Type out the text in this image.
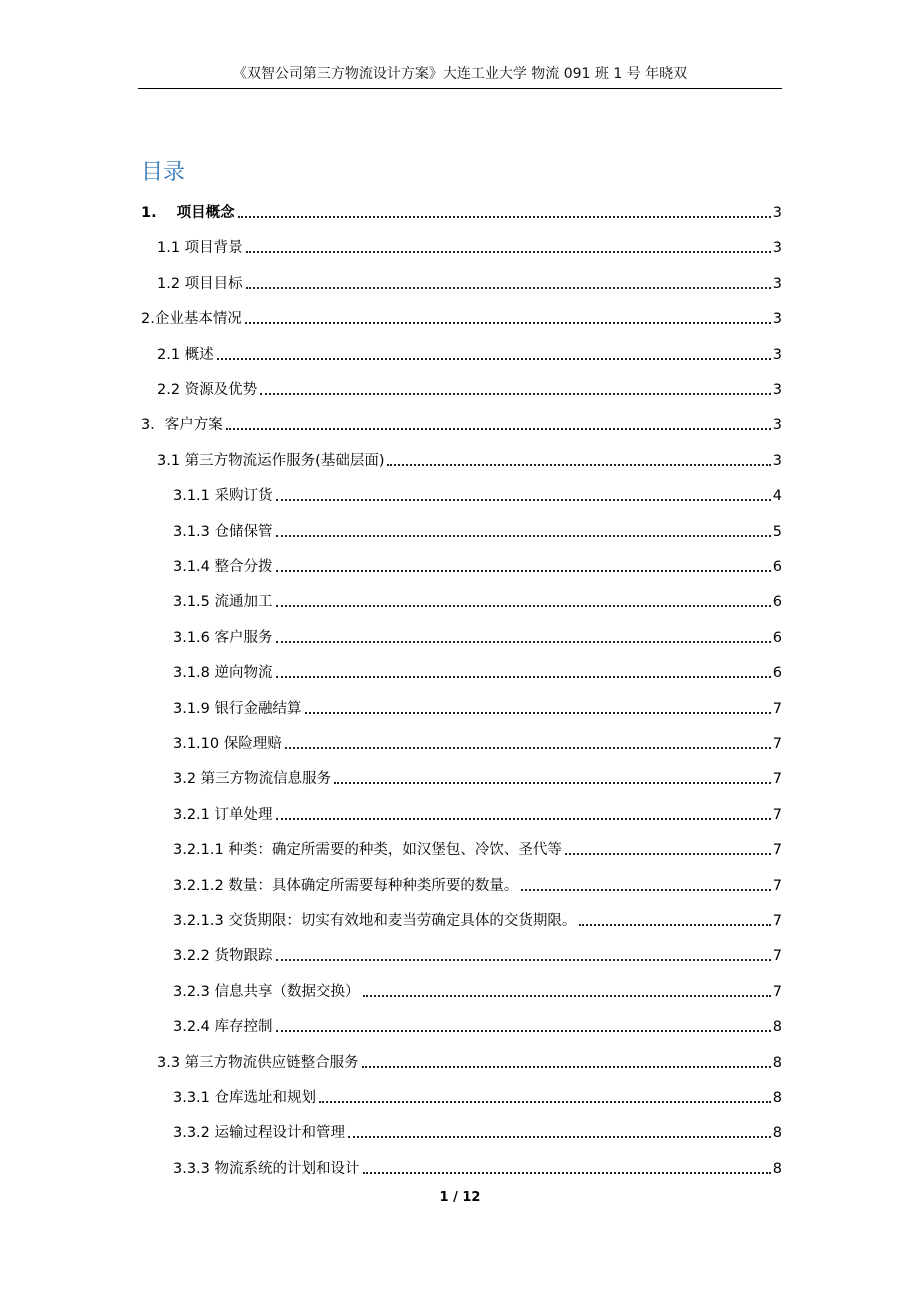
《双智公司第三方物流设计方案》大连工业大学 物流 091 班 1 号 年晓双
目录
1. 项目概念	3
1.1 项目背景	3
1.2 项目目标	3
2.企业基本情况	3
2.1 概述	3
2.2 资源及优势	3
3．客户方案	3
3.1 第三方物流运作服务(基础层面)	3
3.1.1 采购订货	4
3.1.3 仓储保管	5
3.1.4 整合分拨	6
3.1.5 流通加工	6
3.1.6 客户服务	6
3.1.8 逆向物流	6
3.1.9 银行金融结算	7
3.1.10 保险理赔	7
3.2 第三方物流信息服务	7
3.2.1 订单处理	7
3.2.1.1 种类：确定所需要的种类，如汉堡包、冷饮、圣代等	7
3.2.1.2 数量：具体确定所需要每种种类所要的数量。	7
3.2.1.3 交货期限：切实有效地和麦当劳确定具体的交货期限。	7
3.2.2 货物跟踪	7
3.2.3 信息共享（数据交换）	7
3.2.4 库存控制	8
3.3 第三方物流供应链整合服务	8
3.3.1 仓库选址和规划	8
3.3.2 运输过程设计和管理	8
3.3.3 物流系统的计划和设计	8
1 / 12
